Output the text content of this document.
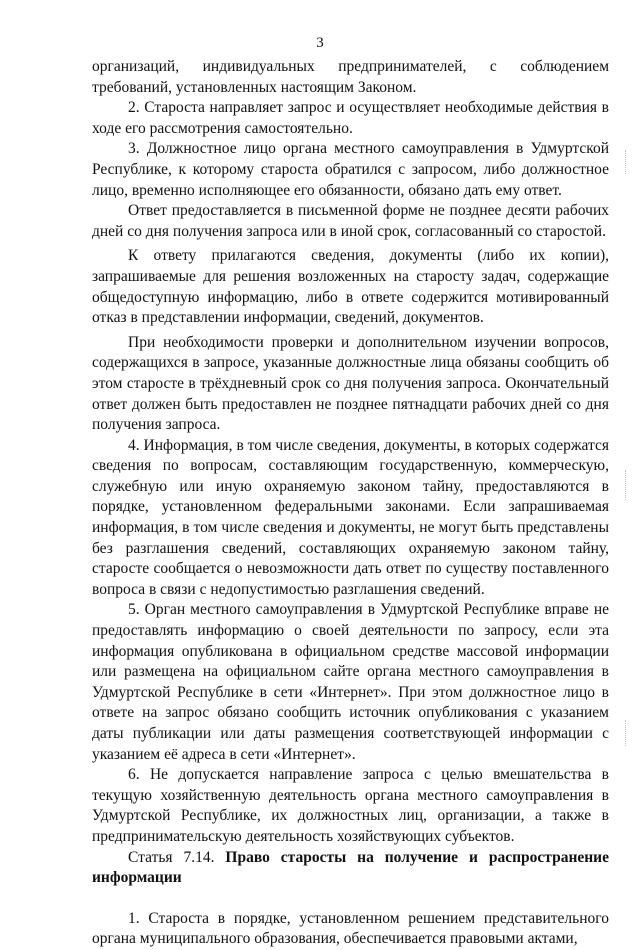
3

организаций, индивидуальных предпринимателей, с соблюдением требований, установленных настоящим Законом.

2. Староста направляет запрос и осуществляет необходимые действия в ходе его рассмотрения самостоятельно.

3. Должностное лицо органа местного самоуправления в Удмуртской Республике, к которому староста обратился с запросом, либо должностное лицо, временно исполняющее его обязанности, обязано дать ему ответ.

Ответ предоставляется в письменной форме не позднее десяти рабочих дней со дня получения запроса или в иной срок, согласованный со старостой.

К ответу прилагаются сведения, документы (либо их копии), запрашиваемые для решения возложенных на старосту задач, содержащие общедоступную информацию, либо в ответе содержится мотивированный отказ в представлении информации, сведений, документов.

При необходимости проверки и дополнительном изучении вопросов, содержащихся в запросе, указанные должностные лица обязаны сообщить об этом старосте в трёхдневный срок со дня получения запроса. Окончательный ответ должен быть предоставлен не позднее пятнадцати рабочих дней со дня получения запроса.

4. Информация, в том числе сведения, документы, в которых содержатся сведения по вопросам, составляющим государственную, коммерческую, служебную или иную охраняемую законом тайну, предоставляются в порядке, установленном федеральными законами. Если запрашиваемая информация, в том числе сведения и документы, не могут быть представлены без разглашения сведений, составляющих охраняемую законом тайну, старосте сообщается о невозможности дать ответ по существу поставленного вопроса в связи с недопустимостью разглашения сведений.

5. Орган местного самоуправления в Удмуртской Республике вправе не предоставлять информацию о своей деятельности по запросу, если эта информация опубликована в официальном средстве массовой информации или размещена на официальном сайте органа местного самоуправления в Удмуртской Республике в сети «Интернет». При этом должностное лицо в ответе на запрос обязано сообщить источник опубликования с указанием даты публикации или даты размещения соответствующей информации с указанием её адреса в сети «Интернет».

6. Не допускается направление запроса с целью вмешательства в текущую хозяйственную деятельность органа местного самоуправления в Удмуртской Республике, их должностных лиц, организации, а также в предпринимательскую деятельность хозяйствующих субъектов.

Статья 7.14. Право старосты на получение и распространение информации

1. Староста в порядке, установленном решением представительного органа муниципального образования, обеспечивается правовыми актами,
